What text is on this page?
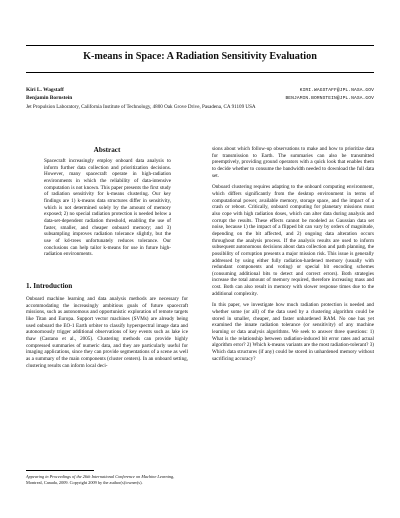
K-means in Space: A Radiation Sensitivity Evaluation
Kiri L. Wagstaff	KIRI.WAGSTAFF@JPL.NASA.GOV
Benjamin Bornstein	BENJAMIN.BORNSTEIN@JPL.NASA.GOV
Jet Propulsion Laboratory, California Institute of Technology, 4800 Oak Grove Drive, Pasadena, CA 91109 USA
Abstract

Spacecraft increasingly employ onboard data analysis to inform further data collection and prioritization decisions. However, many spacecraft operate in high-radiation environments in which the reliability of data-intensive computation is not known. This paper presents the first study of radiation sensitivity for k-means clustering. Our key findings are 1) k-means data structures differ in sensitivity, which is not determined solely by the amount of memory exposed; 2) no special radiation protection is needed below a data-set-dependent radiation threshold, enabling the use of faster, smaller, and cheaper onboard memory; and 3) subsampling improves radiation tolerance slightly, but the use of kd-trees unfortunately reduces tolerance. Our conclusions can help tailor k-means for use in future high-radiation environments.

1. Introduction

Onboard machine learning and data analysis methods are necessary for accommodating the increasingly ambitious goals of future spacecraft missions, such as autonomous and opportunistic exploration of remote targets like Titan and Europa. Support vector machines (SVMs) are already being used onboard the EO-1 Earth orbiter to classify hyperspectral image data and autonomously trigger additional observations of key events such as lake ice thaw (Castano et al., 2005). Clustering methods can provide highly compressed summaries of numeric data, and they are particularly useful for imaging applications, since they can provide segmentations of a scene as well as a summary of the main components (cluster centers). In an onboard setting, clustering results can inform local deci-

Appearing in Proceedings of the 26th International Conference on Machine Learning, Montreal, Canada, 2009. Copyright 2009 by the author(s)/owner(s).

sions about which follow-up observations to make and how to prioritize data for transmission to Earth. The summaries can also be transmitted preemptively, providing ground operators with a quick look that enables them to decide whether to consume the bandwidth needed to download the full data set.

Onboard clustering requires adapting to the onboard computing environment, which differs significantly from the desktop environment in terms of computational power, available memory, storage space, and the impact of a crash or reboot. Critically, onboard computing for planetary missions must also cope with high radiation doses, which can alter data during analysis and corrupt the results. These effects cannot be modeled as Gaussian data set noise, because 1) the impact of a flipped bit can vary by orders of magnitude, depending on the bit affected, and 2) ongoing data alteration occurs throughout the analysis process. If the analysis results are used to inform subsequent autonomous decisions about data collection and path planning, the possibility of corruption presents a major mission risk. This issue is generally addressed by using either fully radiation-hardened memory (usually with redundant components and voting) or special bit encoding schemes (consuming additional bits to detect and correct errors). Both strategies increase the total amount of memory required, therefore increasing mass and cost. Both can also result in memory with slower response times due to the additional complexity.

In this paper, we investigate how much radiation protection is needed and whether some (or all) of the data used by a clustering algorithm could be stored in smaller, cheaper, and faster unhardened RAM. No one has yet examined the innate radiation tolerance (or sensitivity) of any machine learning or data analysis algorithms. We seek to answer three questions: 1) What is the relationship between radiation-induced bit error rates and actual algorithm error? 2) Which k-means variants are the most radiation-tolerant? 3) Which data structures (if any) could be stored in unhardened memory without sacrificing accuracy?
